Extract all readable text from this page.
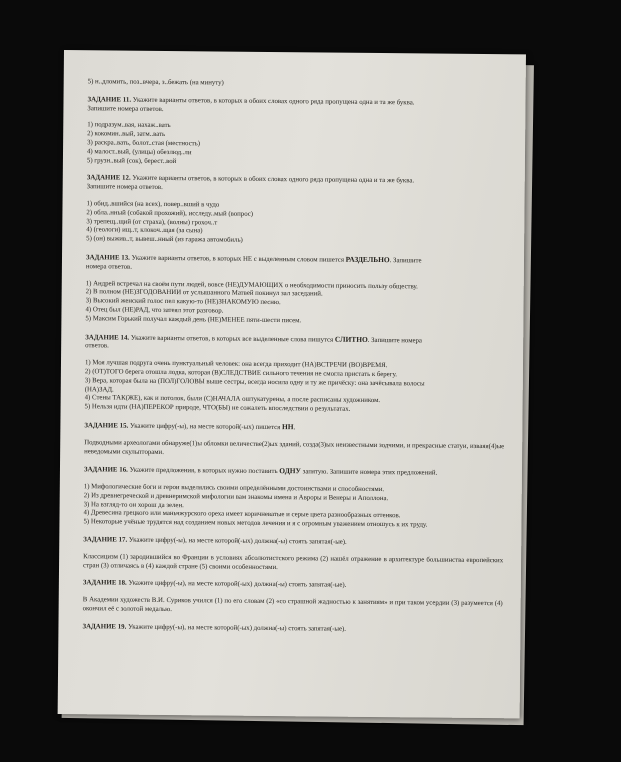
5) н..дломить, поз..вчера, з..бежать (на минуту)
ЗАДАНИЕ 11. Укажите варианты ответов, в которых в обоих словах одного ряда пропущена одна и та же буква.
Запишите номера ответов.
1) подразум..вая, нахаж..вать
2) кокомин..вый, затм..вать
3) раскра..вать, болот..стая (местность)
4) малост..вый, (улицы) обезлюд..ли
5) грузн..вый (сок), берест..вой
ЗАДАНИЕ 12. Укажите варианты ответов, в которых в обоих словах одного ряда пропущена одна и та же буква.
Запишите номера ответов.
1) обид..вшийся (на всех), повер..вший в чудо
2) обла..нный (собакой прохожий), исследу..мый (вопрос)
3) трепещ..щий (от страха), (волны) грохоч..т
4) (геологи) ищ..т, клокоч..щая (за сына)
5) (он) выжив..т, вывеш..нный (из гаража автомобиль)
ЗАДАНИЕ 13. Укажите варианты ответов, в которых НЕ с выделенным словом пишется РАЗДЕЛЬНО. Запишите
номера ответов.
1) Андрей встречал на своём пути людей, вовсе (НЕ)ДУМАЮЩИХ о необходимости приносить пользу обществу.
2) В полном (НЕ)ЗГОДОВАНИИ от услышанного Матвей покинул зал заседаний.
3) Высокий женский голос пел какую-то (НЕ)ЗНАКОМУЮ песню.
4) Отец был (НЕ)РАД, что затеял этот разговор.
5) Максим Горький получал каждый день (НЕ)МЕНЕЕ пяти-шести писем.
ЗАДАНИЕ 14. Укажите варианты ответов, в которых все выделенные слова пишутся СЛИТНО. Запишите номера
ответов.
1) Моя лучшая подруга очень пунктуальный человек: она всегда приходит (НА)ВСТРЕЧИ (ВО)ВРЕМЯ.
2) (ОТ)ТОГО берега отошла лодка, которая (В)СЛЕДСТВИЕ сильного течения не смогла пристать к берегу.
3) Вера, которая была на (ПОЛ)ГОЛОВЫ выше сестры, всегда носила одну и ту же причёску: она зачёсывала волосы
(НА)ЗАД.
4) Стены ТАК(ЖЕ), как и потолок, были (С)НАЧАЛА оштукатурены, а после расписаны художником.
5) Нельзя идти (НА)ПЕРЕКОР природе, ЧТО(БЫ) не сожалеть впоследствии о результатах.
ЗАДАНИЕ 15. Укажите цифру(-ы), на месте которой(-ых) пишется НН.
Подводными археологами обнаруже(1)ы обломки величестве(2)ых зданий, созда(3)ых неизвестными зодчими, и прекрасные статуи, изваяя(4)ые неведомыми скульпторами.
ЗАДАНИЕ 16. Укажите предложения, в которых нужно поставить ОДНУ запятую. Запишите номера этих предложений.
1) Мифологические боги и герои выделялись своими определёнными достоинствами и способностями.
2) Из древнегреческой и древнеримской мифологии вам знакомы имена и Авроры и Венеры и Аполлона.
3) На взгляд-то он хорош да зелен.
4) Древесина грецкого или маньчжурского ореха имеет коричневатые и серые цвета разнообразных оттенков.
5) Некоторые учёные трудятся над созданием новых методов лечения и я с огромным уважением отношусь к их труду.
ЗАДАНИЕ 17. Укажите цифру(-ы), на месте которой(-ых) должна(-ы) стоять запятая(-ые).
Классицизм (1) зародившийся во Франции в условиях абсолютистского режима (2) нашёл отражение в архитектуре большинства европейских стран (3) отличаясь в (4) каждой стране (5) своими особенностями.
ЗАДАНИЕ 18. Укажите цифру(-ы), на месте которой(-ых) должна(-ы) стоять запятая(-ые).
В Академии художеств В.И. Суриков учился (1) по его словам (2) «со страшной жадностью к занятиям» и при таком усердии (3) разумеется (4) окончил её с золотой медалью.
ЗАДАНИЕ 19. Укажите цифру(-ы), на месте которой(-ых) должна(-ы) стоять запятая(-ые).
